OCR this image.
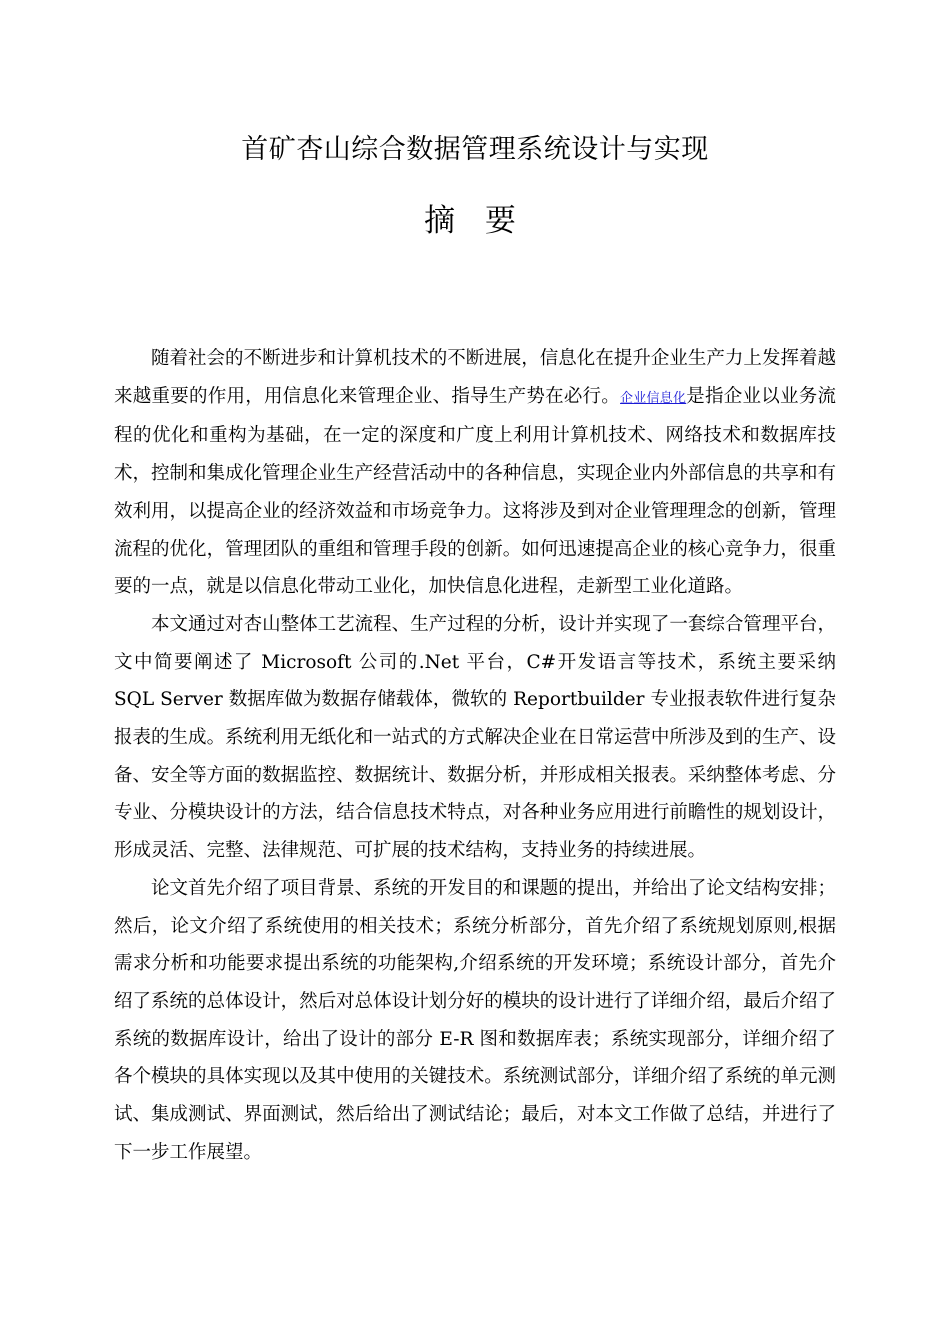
首矿杏山综合数据管理系统设计与实现
摘 要

随着社会的不断进步和计算机技术的不断进展，信息化在提升企业生产力上发挥着越来越重要的作用，用信息化来管理企业、指导生产势在必行。企业信息化是指企业以业务流程的优化和重构为基础，在一定的深度和广度上利用计算机技术、网络技术和数据库技术，控制和集成化管理企业生产经营活动中的各种信息，实现企业内外部信息的共享和有效利用，以提高企业的经济效益和市场竞争力。这将涉及到对企业管理理念的创新，管理流程的优化，管理团队的重组和管理手段的创新。如何迅速提高企业的核心竞争力，很重要的一点，就是以信息化带动工业化，加快信息化进程，走新型工业化道路。

本文通过对杏山整体工艺流程、生产过程的分析，设计并实现了一套综合管理平台，文中简要阐述了 Microsoft 公司的.Net 平台，C#开发语言等技术，系统主要采纳 SQL Server 数据库做为数据存储载体，微软的 Reportbuilder 专业报表软件进行复杂报表的生成。系统利用无纸化和一站式的方式解决企业在日常运营中所涉及到的生产、设备、安全等方面的数据监控、数据统计、数据分析，并形成相关报表。采纳整体考虑、分专业、分模块设计的方法，结合信息技术特点，对各种业务应用进行前瞻性的规划设计，形成灵活、完整、法律规范、可扩展的技术结构，支持业务的持续进展。

论文首先介绍了项目背景、系统的开发目的和课题的提出，并给出了论文结构安排；然后，论文介绍了系统使用的相关技术；系统分析部分，首先介绍了系统规划原则,根据需求分析和功能要求提出系统的功能架构,介绍系统的开发环境；系统设计部分，首先介绍了系统的总体设计，然后对总体设计划分好的模块的设计进行了详细介绍，最后介绍了系统的数据库设计，给出了设计的部分 E-R 图和数据库表；系统实现部分，详细介绍了各个模块的具体实现以及其中使用的关键技术。系统测试部分，详细介绍了系统的单元测试、集成测试、界面测试，然后给出了测试结论；最后，对本文工作做了总结，并进行了下一步工作展望。
